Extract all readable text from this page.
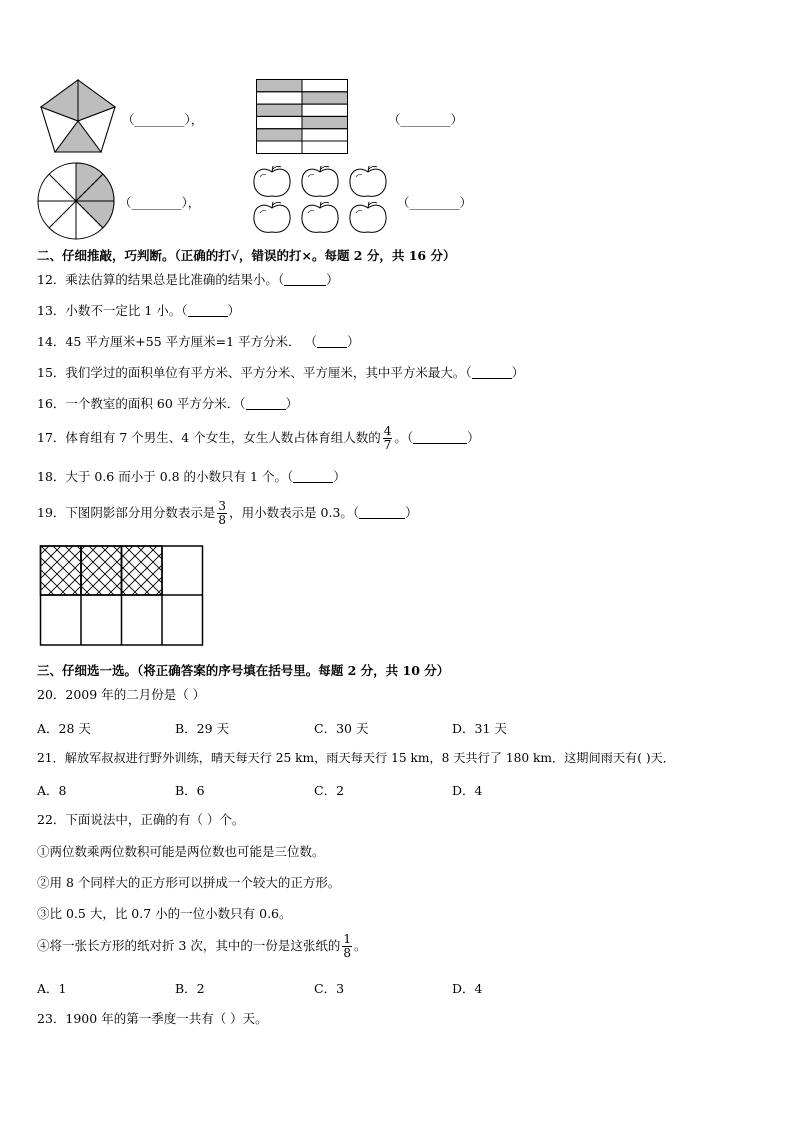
（________），	（________）
（________），	（________）
二、仔细推敲，巧判断。（正确的打√，错误的打×。每题 2 分，共 16 分）
12．乘法估算的结果总是比准确的结果小。（	）
13．小数不一定比 1 小。（	）
14．45 平方厘米+55 平方厘米=1 平方分米． （ ）
15．我们学过的面积单位有平方米、平方分米、平方厘米，其中平方米最大。（	）
16．一个教室的面积 60 平方分米．（	）
17．体育组有 7 个男生、4 个女生，女生人数占体育组人数的 $\frac{4}{7}$ 。（	）
18．大于 0.6 而小于 0.8 的小数只有 1 个。（	）
19．下图阴影部分用分数表示是 $\frac{3}{8}$ ，用小数表示是 0.3。（	）
三、仔细选一选。（将正确答案的序号填在括号里。每题 2 分，共 10 分）
20．2009 年的二月份是（ ）
A．28 天	B．29 天	C．30 天	D．31 天
21．解放军叔叔进行野外训练，晴天每天行 25 km，雨天每天行 15 km，8 天共行了 180 km．这期间雨天有( )天．
A．8	B．6	C．2	D．4
22．下面说法中，正确的有（ ）个。
①两位数乘两位数积可能是两位数也可能是三位数。
②用 8 个同样大的正方形可以拼成一个较大的正方形。
③比 0.5 大，比 0.7 小的一位小数只有 0.6。
④将一张长方形的纸对折 3 次，其中的一份是这张纸的 $\frac{1}{8}$ 。
A．1	B．2	C．3	D．4
23．1900 年的第一季度一共有（ ）天。
